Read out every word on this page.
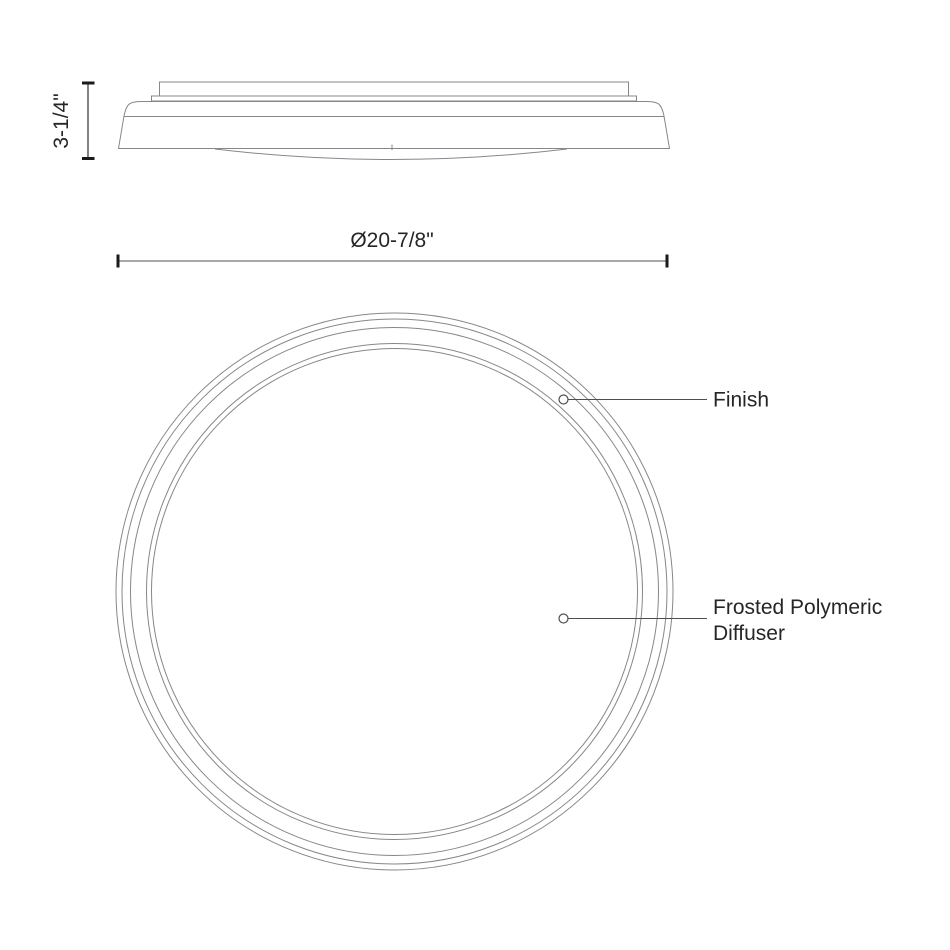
3-1/4"
Ø20-7/8"
Finish
Frosted Polymeric
Diffuser
